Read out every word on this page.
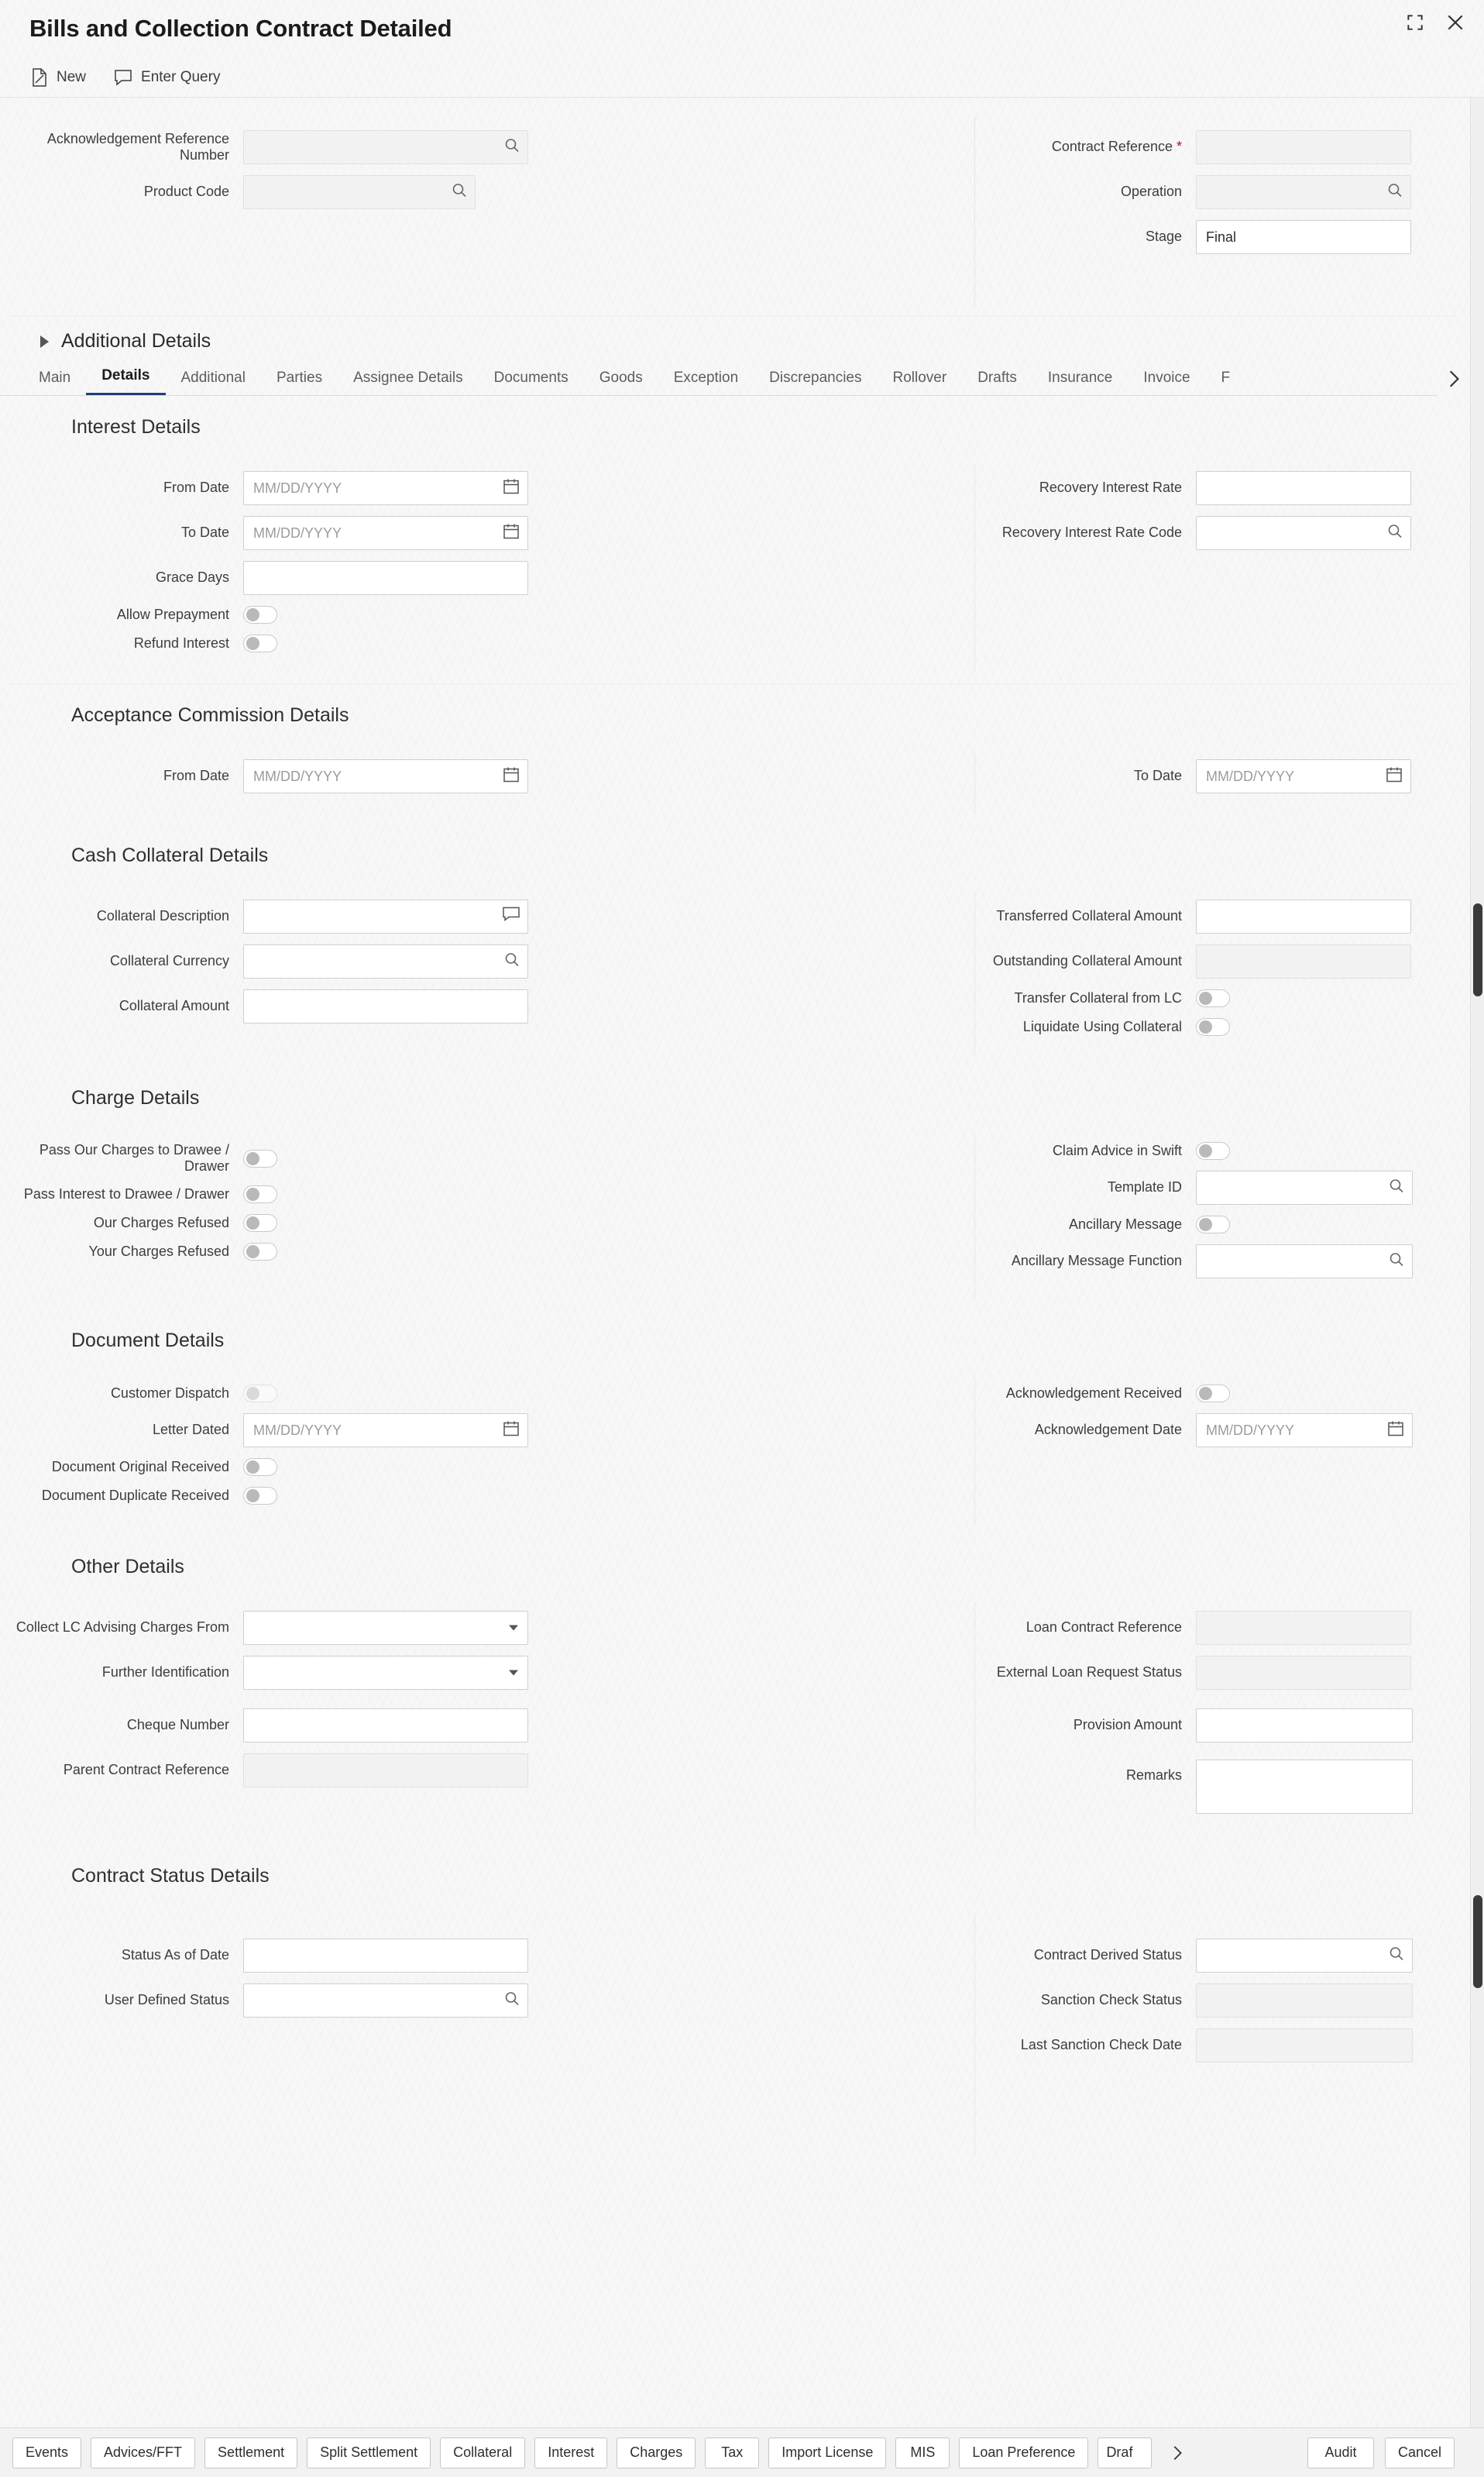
Bills and Collection Contract Detailed
New	Enter Query
Acknowledgement Reference Number
Product Code
Contract Reference *
Operation
Stage	Final
Additional Details
Main	Details	Additional	Parties	Assignee Details	Documents	Goods	Exception	Discrepancies	Rollover	Drafts	Insurance	Invoice	F
Interest Details
From Date	MM/DD/YYYY
To Date	MM/DD/YYYY
Grace Days
Allow Prepayment
Refund Interest
Recovery Interest Rate
Recovery Interest Rate Code
Acceptance Commission Details
From Date	MM/DD/YYYY	To Date	MM/DD/YYYY
Cash Collateral Details
Collateral Description
Collateral Currency
Collateral Amount
Transferred Collateral Amount
Outstanding Collateral Amount
Transfer Collateral from LC
Liquidate Using Collateral
Charge Details
Pass Our Charges to Drawee / Drawer
Pass Interest to Drawee / Drawer
Our Charges Refused
Your Charges Refused
Claim Advice in Swift
Template ID
Ancillary Message
Ancillary Message Function
Document Details
Customer Dispatch
Letter Dated	MM/DD/YYYY
Document Original Received
Document Duplicate Received
Acknowledgement Received
Acknowledgement Date	MM/DD/YYYY
Other Details
Collect LC Advising Charges From
Further Identification
Cheque Number
Parent Contract Reference
Loan Contract Reference
External Loan Request Status
Provision Amount
Remarks
Contract Status Details
Status As of Date
User Defined Status
Contract Derived Status
Sanction Check Status
Last Sanction Check Date
Events	Advices/FFT	Settlement	Split Settlement	Collateral	Interest	Charges	Tax	Import License	MIS	Loan Preference	Draf	Audit	Cancel
